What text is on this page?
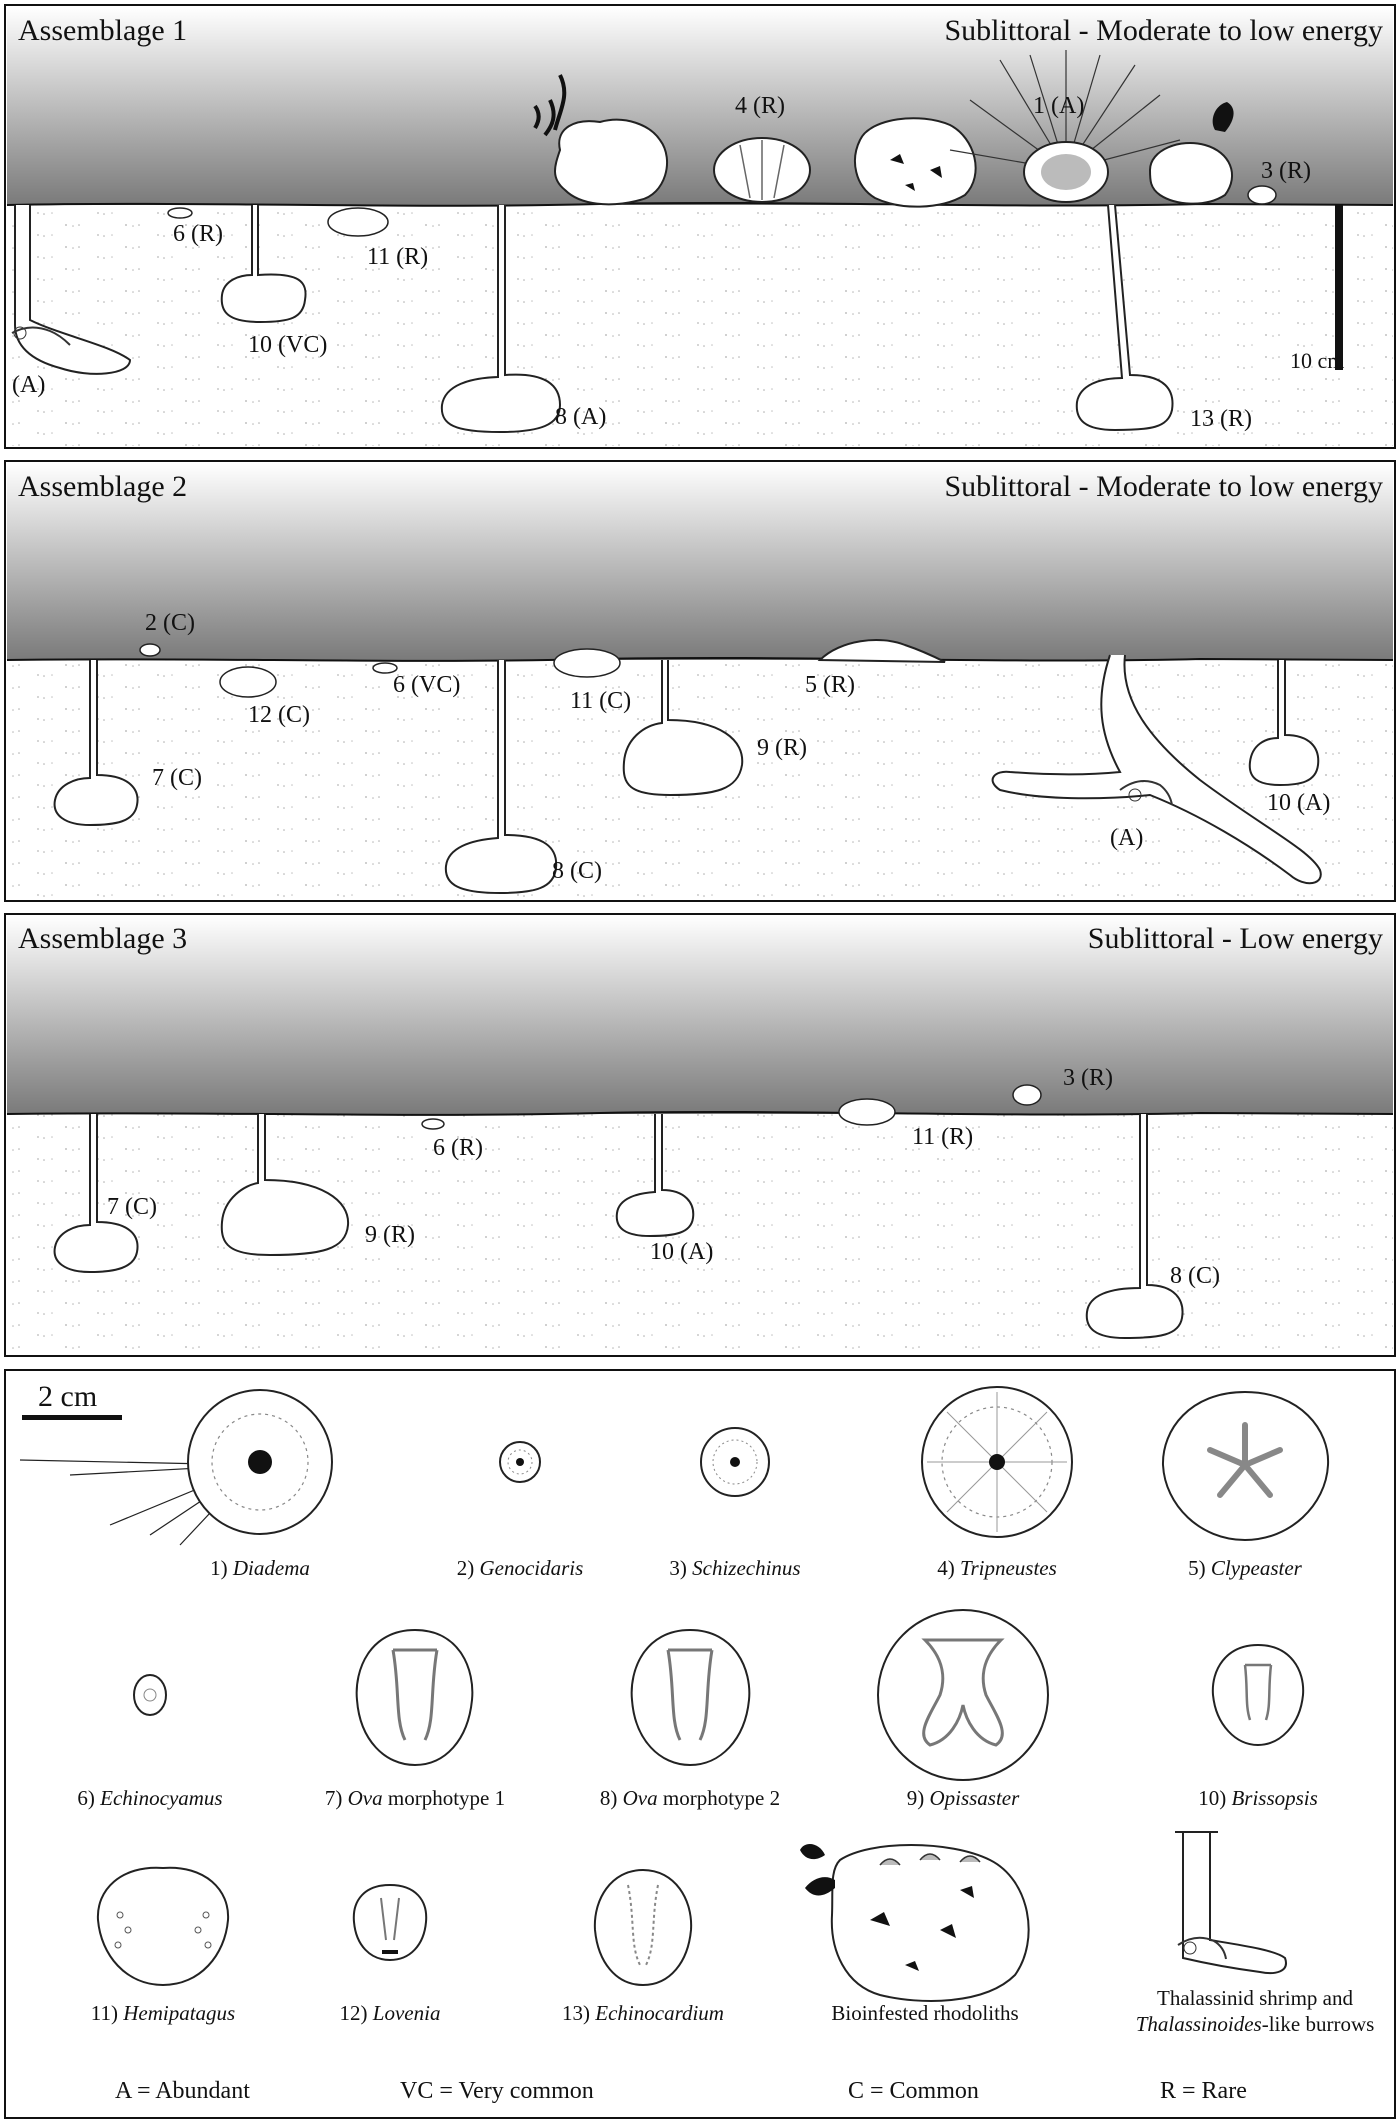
Assemblage 1	Sublittoral - Moderate to low energy
6 (R)
11 (R)
10 (VC)
(A)
8 (A)
4 (R)	1 (A)
3 (R)
13 (R)
10 cm
Assemblage 2	Sublittoral - Moderate to low energy
2 (C)
12 (C)
6 (VC)
11 (C)
5 (R)
9 (R)
7 (C)
8 (C)
(A)
10 (A)
Assemblage 3	Sublittoral - Low energy
3 (R)
11 (R)
6 (R)
7 (C)
9 (R)
10 (A)
8 (C)
2 cm
1) Diadema	2) Genocidaris	3) Schizechinus	4) Tripneustes	5) Clypeaster
6) Echinocyamus	7) Ova morphotype 1	8) Ova morphotype 2	9) Opissaster	10) Brissopsis
11) Hemipatagus	12) Lovenia	13) Echinocardium
Thalassinid shrimp and
Thalassinoides-like burrows
Bioinfested rhodoliths
A = Abundant	VC = Very common	C = Common	R = Rare
